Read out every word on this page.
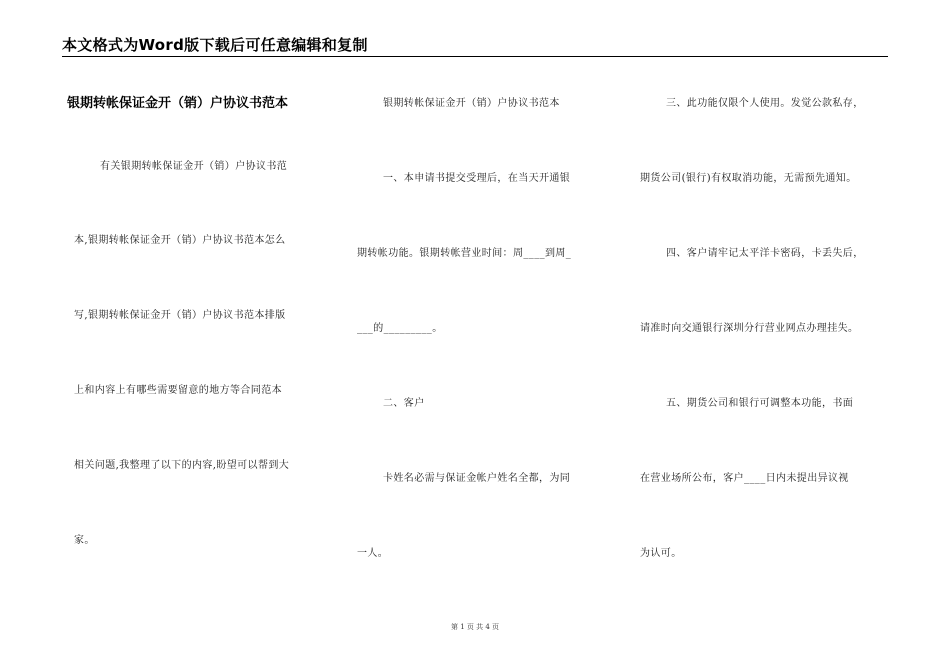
本文格式为Word版下载后可任意编辑和复制
银期转帐保证金开（销）户协议书范本
有关银期转帐保证金开（销）户协议书范
本,银期转帐保证金开（销）户协议书范本怎么
写,银期转帐保证金开（销）户协议书范本排版
上和内容上有哪些需要留意的地方等合同范本
相关问题,我整理了以下的内容,盼望可以帮到大
家。
银期转帐保证金开（销）户协议书范本
一、本申请书提交受理后，在当天开通银
期转帐功能。银期转帐营业时间：周____到周_
___的_________。
二、客户
卡姓名必需与保证金帐户姓名全都，为同
一人。
三、此功能仅限个人使用。发觉公款私存，
期货公司(银行)有权取消功能，无需预先通知。
四、客户请牢记太平洋卡密码，卡丢失后，
请准时向交通银行深圳分行营业网点办理挂失。
五、期货公司和银行可调整本功能，书面
在营业场所公布，客户____日内未提出异议视
为认可。
第 1 页 共 4 页
